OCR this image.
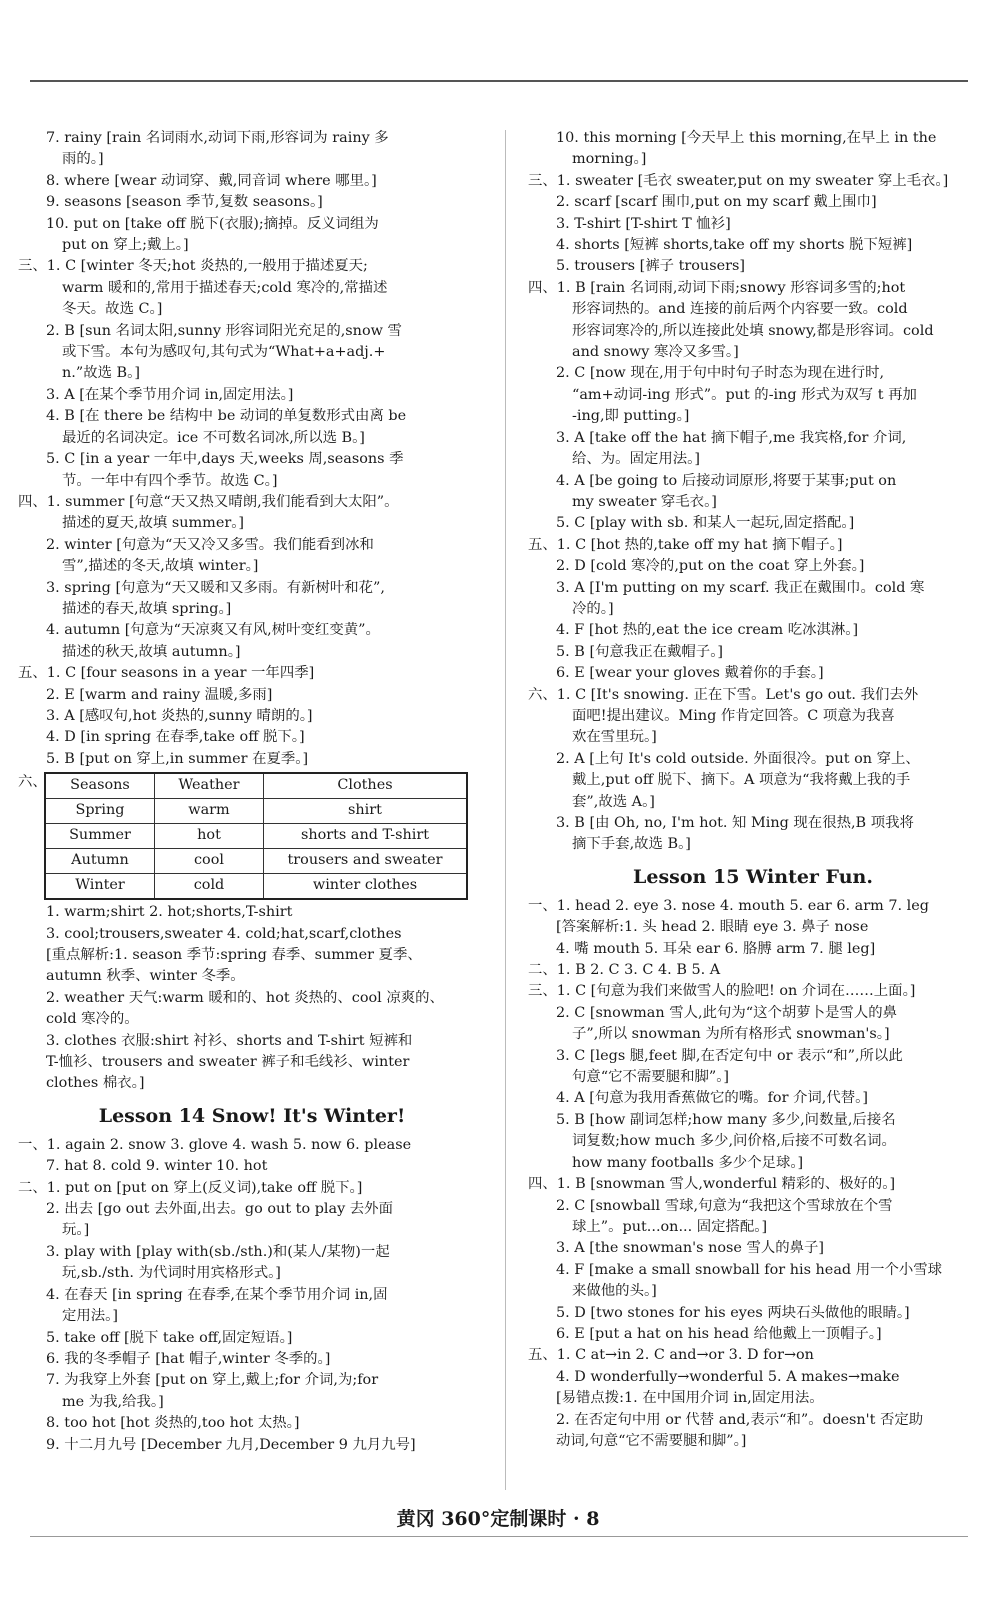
7. rainy [rain 名词雨水,动词下雨,形容词为 rainy 多
雨的。]
8. where [wear 动词穿、戴,同音词 where 哪里。]
9. seasons [season 季节,复数 seasons。]
10. put on [take off 脱下(衣服);摘掉。反义词组为
put on 穿上;戴上。]
三、1. C [winter 冬天;hot 炎热的,一般用于描述夏天;
warm 暖和的,常用于描述春天;cold 寒冷的,常描述
冬天。故选 C。]
2. B [sun 名词太阳,sunny 形容词阳光充足的,snow 雪
或下雪。本句为感叹句,其句式为“What+a+adj.+
n.”故选 B。]
3. A [在某个季节用介词 in,固定用法。]
4. B [在 there be 结构中 be 动词的单复数形式由离 be
最近的名词决定。ice 不可数名词冰,所以选 B。]
5. C [in a year 一年中,days 天,weeks 周,seasons 季
节。一年中有四个季节。故选 C。]
四、1. summer [句意“天又热又晴朗,我们能看到大太阳”。
描述的夏天,故填 summer。]
2. winter [句意为“天又冷又多雪。我们能看到冰和
雪”,描述的冬天,故填 winter。]
3. spring [句意为“天又暖和又多雨。有新树叶和花”,
描述的春天,故填 spring。]
4. autumn [句意为“天凉爽又有风,树叶变红变黄”。
描述的秋天,故填 autumn。]
五、1. C [four seasons in a year 一年四季]
2. E [warm and rainy 温暖,多雨]
3. A [感叹句,hot 炎热的,sunny 晴朗的。]
4. D [in spring 在春季,take off 脱下。]
5. B [put on 穿上,in summer 在夏季。]
六、 Seasons	Weather	Clothes
Spring	warm	shirt
Summer	hot	shorts and T-shirt
Autumn	cool	trousers and sweater
Winter	cold	winter clothes
1. warm;shirt 2. hot;shorts,T-shirt
3. cool;trousers,sweater 4. cold;hat,scarf,clothes
[重点解析:1. season 季节:spring 春季、summer 夏季、
autumn 秋季、winter 冬季。
2. weather 天气:warm 暖和的、hot 炎热的、cool 凉爽的、
cold 寒冷的。
3. clothes 衣服:shirt 衬衫、shorts and T-shirt 短裤和
T-恤衫、trousers and sweater 裤子和毛线衫、winter
clothes 棉衣。]
Lesson 14 Snow! It's Winter!
一、1. again 2. snow 3. glove 4. wash 5. now 6. please
7. hat 8. cold 9. winter 10. hot
二、1. put on [put on 穿上(反义词),take off 脱下。]
2. 出去 [go out 去外面,出去。go out to play 去外面
玩。]
3. play with [play with(sb./sth.)和(某人/某物)一起
玩,sb./sth. 为代词时用宾格形式。]
4. 在春天 [in spring 在春季,在某个季节用介词 in,固
定用法。]
5. take off [脱下 take off,固定短语。]
6. 我的冬季帽子 [hat 帽子,winter 冬季的。]
7. 为我穿上外套 [put on 穿上,戴上;for 介词,为;for
me 为我,给我。]
8. too hot [hot 炎热的,too hot 太热。]
9. 十二月九号 [December 九月,December 9 九月九号]
10. this morning [今天早上 this morning,在早上 in the
morning。]
三、1. sweater [毛衣 sweater,put on my sweater 穿上毛衣。]
2. scarf [scarf 围巾,put on my scarf 戴上围巾]
3. T-shirt [T-shirt T 恤衫]
4. shorts [短裤 shorts,take off my shorts 脱下短裤]
5. trousers [裤子 trousers]
四、1. B [rain 名词雨,动词下雨;snowy 形容词多雪的;hot
形容词热的。and 连接的前后两个内容要一致。cold
形容词寒冷的,所以连接此处填 snowy,都是形容词。cold
and snowy 寒冷又多雪。]
2. C [now 现在,用于句中时句子时态为现在进行时,
“am+动词-ing 形式”。put 的-ing 形式为双写 t 再加
-ing,即 putting。]
3. A [take off the hat 摘下帽子,me 我宾格,for 介词,
给、为。固定用法。]
4. A [be going to 后接动词原形,将要于某事;put on
my sweater 穿毛衣。]
5. C [play with sb. 和某人一起玩,固定搭配。]
五、1. C [hot 热的,take off my hat 摘下帽子。]
2. D [cold 寒冷的,put on the coat 穿上外套。]
3. A [I'm putting on my scarf. 我正在戴围巾。cold 寒
冷的。]
4. F [hot 热的,eat the ice cream 吃冰淇淋。]
5. B [句意我正在戴帽子。]
6. E [wear your gloves 戴着你的手套。]
六、1. C [It's snowing. 正在下雪。Let's go out. 我们去外
面吧!提出建议。Ming 作肯定回答。C 项意为我喜
欢在雪里玩。]
2. A [上句 It's cold outside. 外面很冷。put on 穿上、
戴上,put off 脱下、摘下。A 项意为“我将戴上我的手
套”,故选 A。]
3. B [由 Oh, no, I'm hot. 知 Ming 现在很热,B 项我将
摘下手套,故选 B。]
Lesson 15 Winter Fun.
一、1. head 2. eye 3. nose 4. mouth 5. ear 6. arm 7. leg
[答案解析:1. 头 head 2. 眼睛 eye 3. 鼻子 nose
4. 嘴 mouth 5. 耳朵 ear 6. 胳膊 arm 7. 腿 leg]
二、1. B 2. C 3. C 4. B 5. A
三、1. C [句意为我们来做雪人的脸吧! on 介词在……上面。]
2. C [snowman 雪人,此句为“这个胡萝卜是雪人的鼻
子”,所以 snowman 为所有格形式 snowman's。]
3. C [legs 腿,feet 脚,在否定句中 or 表示“和”,所以此
句意“它不需要腿和脚”。]
4. A [句意为我用香蕉做它的嘴。for 介词,代替。]
5. B [how 副词怎样;how many 多少,问数量,后接名
词复数;how much 多少,问价格,后接不可数名词。
how many footballs 多少个足球。]
四、1. B [snowman 雪人,wonderful 精彩的、极好的。]
2. C [snowball 雪球,句意为“我把这个雪球放在个雪
球上”。put...on... 固定搭配。]
3. A [the snowman's nose 雪人的鼻子]
4. F [make a small snowball for his head 用一个小雪球
来做他的头。]
5. D [two stones for his eyes 两块石头做他的眼睛。]
6. E [put a hat on his head 给他戴上一顶帽子。]
五、1. C at→in 2. C and→or 3. D for→on
4. D wonderfully→wonderful 5. A makes→make
[易错点拨:1. 在中国用介词 in,固定用法。
2. 在否定句中用 or 代替 and,表示“和”。doesn't 否定助
动词,句意“它不需要腿和脚”。]
黄冈 360°定制课时 · 8
